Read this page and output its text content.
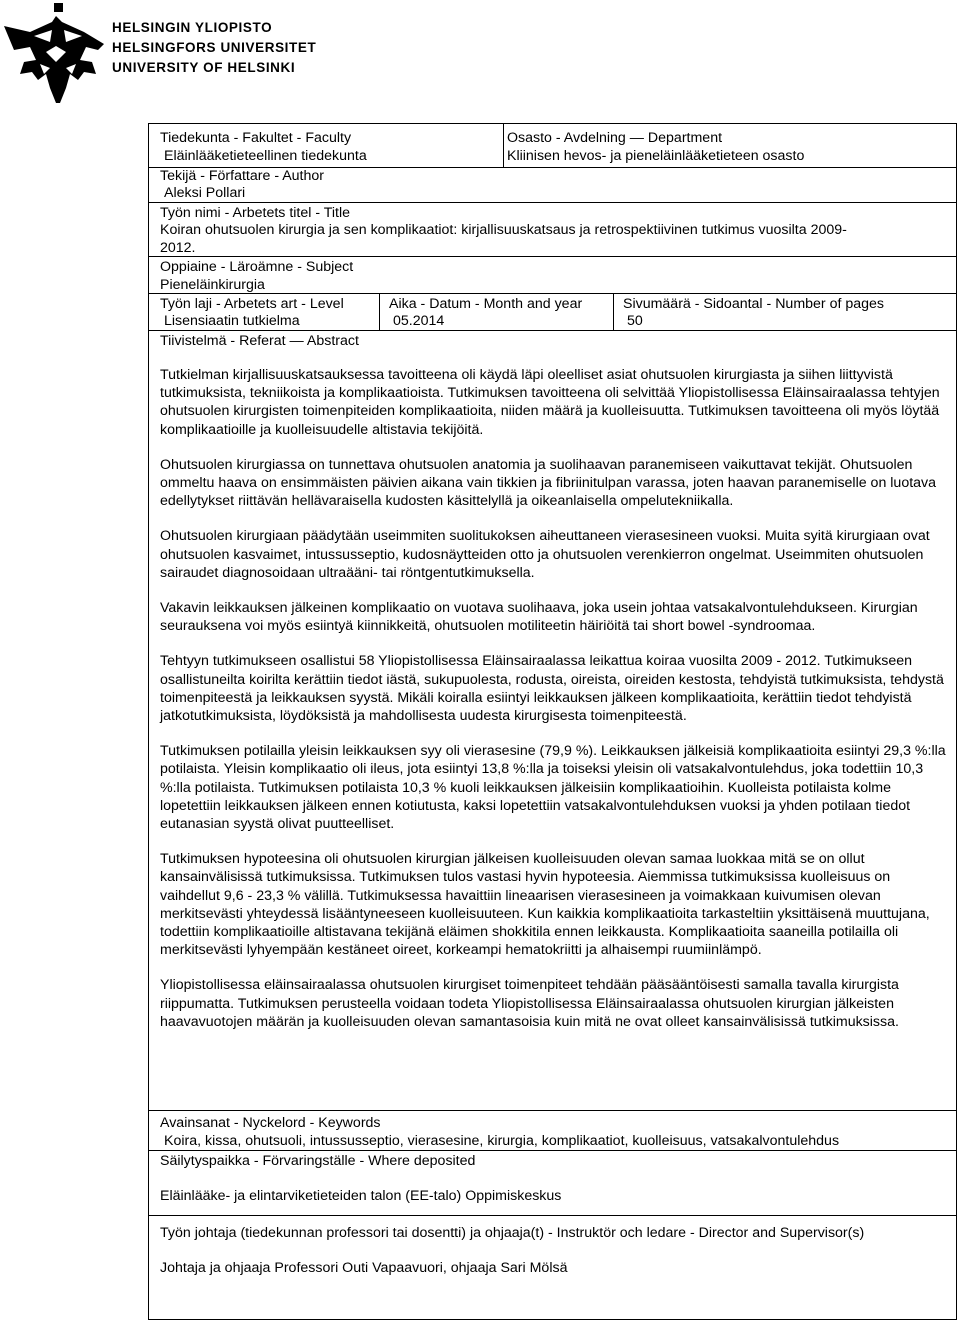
HELSINGIN YLIOPISTO
HELSINGFORS UNIVERSITET
UNIVERSITY OF HELSINKI
Tiedekunta - Fakultet - Faculty
Eläinlääketieteellinen tiedekunta
Osasto - Avdelning — Department
Kliinisen hevos- ja pieneläinlääketieteen osasto
Tekijä - Författare - Author
Aleksi Pollari
Työn nimi - Arbetets titel - Title
Koiran ohutsuolen kirurgia ja sen komplikaatiot: kirjallisuuskatsaus ja retrospektiivinen tutkimus vuosilta 2009-
2012.
Oppiaine - Läroämne - Subject
Pieneläinkirurgia
Työn laji - Arbetets art - Level
Lisensiaatin tutkielma
Aika - Datum - Month and year
05.2014
Sivumäärä - Sidoantal - Number of pages
50
Tiivistelmä - Referat — Abstract

Tutkielman kirjallisuuskatsauksessa tavoitteena oli käydä läpi oleelliset asiat ohutsuolen kirurgiasta ja siihen liittyvistä tutkimuksista, tekniikoista ja komplikaatioista. Tutkimuksen tavoitteena oli selvittää Yliopistollisessa Eläinsairaalassa tehtyjen ohutsuolen kirurgisten toimenpiteiden komplikaatioita, niiden määrä ja kuolleisuutta. Tutkimuksen tavoitteena oli myös löytää komplikaatioille ja kuolleisuudelle altistavia tekijöitä.

Ohutsuolen kirurgiassa on tunnettava ohutsuolen anatomia ja suolihaavan paranemiseen vaikuttavat tekijät. Ohutsuolen ommeltu haava on ensimmäisten päivien aikana vain tikkien ja fibriinitulpan varassa, joten haavan paranemiselle on luotava edellytykset riittävän hellävaraisella kudosten käsittelyllä ja oikeanlaisella ompelutekniikalla.

Ohutsuolen kirurgiaan päädytään useimmiten suolitukoksen aiheuttaneen vierasesineen vuoksi. Muita syitä kirurgiaan ovat ohutsuolen kasvaimet, intussusseptio, kudosnäytteiden otto ja ohutsuolen verenkierron ongelmat. Useimmiten ohutsuolen sairaudet diagnosoidaan ultraääni- tai röntgentutkimuksella.

Vakavin leikkauksen jälkeinen komplikaatio on vuotava suolihaava, joka usein johtaa vatsakalvontulehdukseen. Kirurgian seurauksena voi myös esiintyä kiinnikkeitä, ohutsuolen motiliteetin häiriöitä tai short bowel -syndroomaa.

Tehtyyn tutkimukseen osallistui 58 Yliopistollisessa Eläinsairaalassa leikattua koiraa vuosilta 2009 - 2012. Tutkimukseen osallistuneilta koirilta kerättiin tiedot iästä, sukupuolesta, rodusta, oireista, oireiden kestosta, tehdyistä tutkimuksista, tehdystä toimenpiteestä ja leikkauksen syystä. Mikäli koiralla esiintyi leikkauksen jälkeen komplikaatioita, kerättiin tiedot tehdyistä jatkotutkimuksista, löydöksistä ja mahdollisesta uudesta kirurgisesta toimenpiteestä.

Tutkimuksen potilailla yleisin leikkauksen syy oli vierasesine (79,9 %). Leikkauksen jälkeisiä komplikaatioita esiintyi 29,3 %:lla potilaista. Yleisin komplikaatio oli ileus, jota esiintyi 13,8 %:lla ja toiseksi yleisin oli vatsakalvontulehdus, joka todettiin 10,3 %:lla potilaista. Tutkimuksen potilaista 10,3 % kuoli leikkauksen jälkeisiin komplikaatioihin. Kuolleista potilaista kolme lopetettiin leikkauksen jälkeen ennen kotiutusta, kaksi lopetettiin vatsakalvontulehduksen vuoksi ja yhden potilaan tiedot eutanasian syystä olivat puutteelliset.

Tutkimuksen hypoteesina oli ohutsuolen kirurgian jälkeisen kuolleisuuden olevan samaa luokkaa mitä se on ollut kansainvälisissä tutkimuksissa. Tutkimuksen tulos vastasi hyvin hypoteesia. Aiemmissa tutkimuksissa kuolleisuus on vaihdellut 9,6 - 23,3 % välillä. Tutkimuksessa havaittiin lineaarisen vierasesineen ja voimakkaan kuivumisen olevan merkitsevästi yhteydessä lisääntyneeseen kuolleisuuteen. Kun kaikkia komplikaatioita tarkasteltiin yksittäisenä muuttujana, todettiin komplikaatioille altistavana tekijänä eläimen shokkitila ennen leikkausta. Komplikaatioita saaneilla potilailla oli merkitsevästi lyhyempään kestäneet oireet, korkeampi hematokriitti ja alhaisempi ruumiinlämpö.

Yliopistollisessa eläinsairaalassa ohutsuolen kirurgiset toimenpiteet tehdään pääsääntöisesti samalla tavalla kirurgista riippumatta. Tutkimuksen perusteella voidaan todeta Yliopistollisessa Eläinsairaalassa ohutsuolen kirurgian jälkeisten haavavuotojen määrän ja kuolleisuuden olevan samantasoisia kuin mitä ne ovat olleet kansainvälisissä tutkimuksissa.

Avainsanat - Nyckelord - Keywords
Koira, kissa, ohutsuoli, intussusseptio, vierasesine, kirurgia, komplikaatiot, kuolleisuus, vatsakalvontulehdus
Säilytyspaikka - Förvaringställe - Where deposited
Eläinlääke- ja elintarviketieteiden talon (EE-talo) Oppimiskeskus
Työn johtaja (tiedekunnan professori tai dosentti) ja ohjaaja(t) - Instruktör och ledare - Director and Supervisor(s)
Johtaja ja ohjaaja Professori Outi Vapaavuori, ohjaaja Sari Mölsä
